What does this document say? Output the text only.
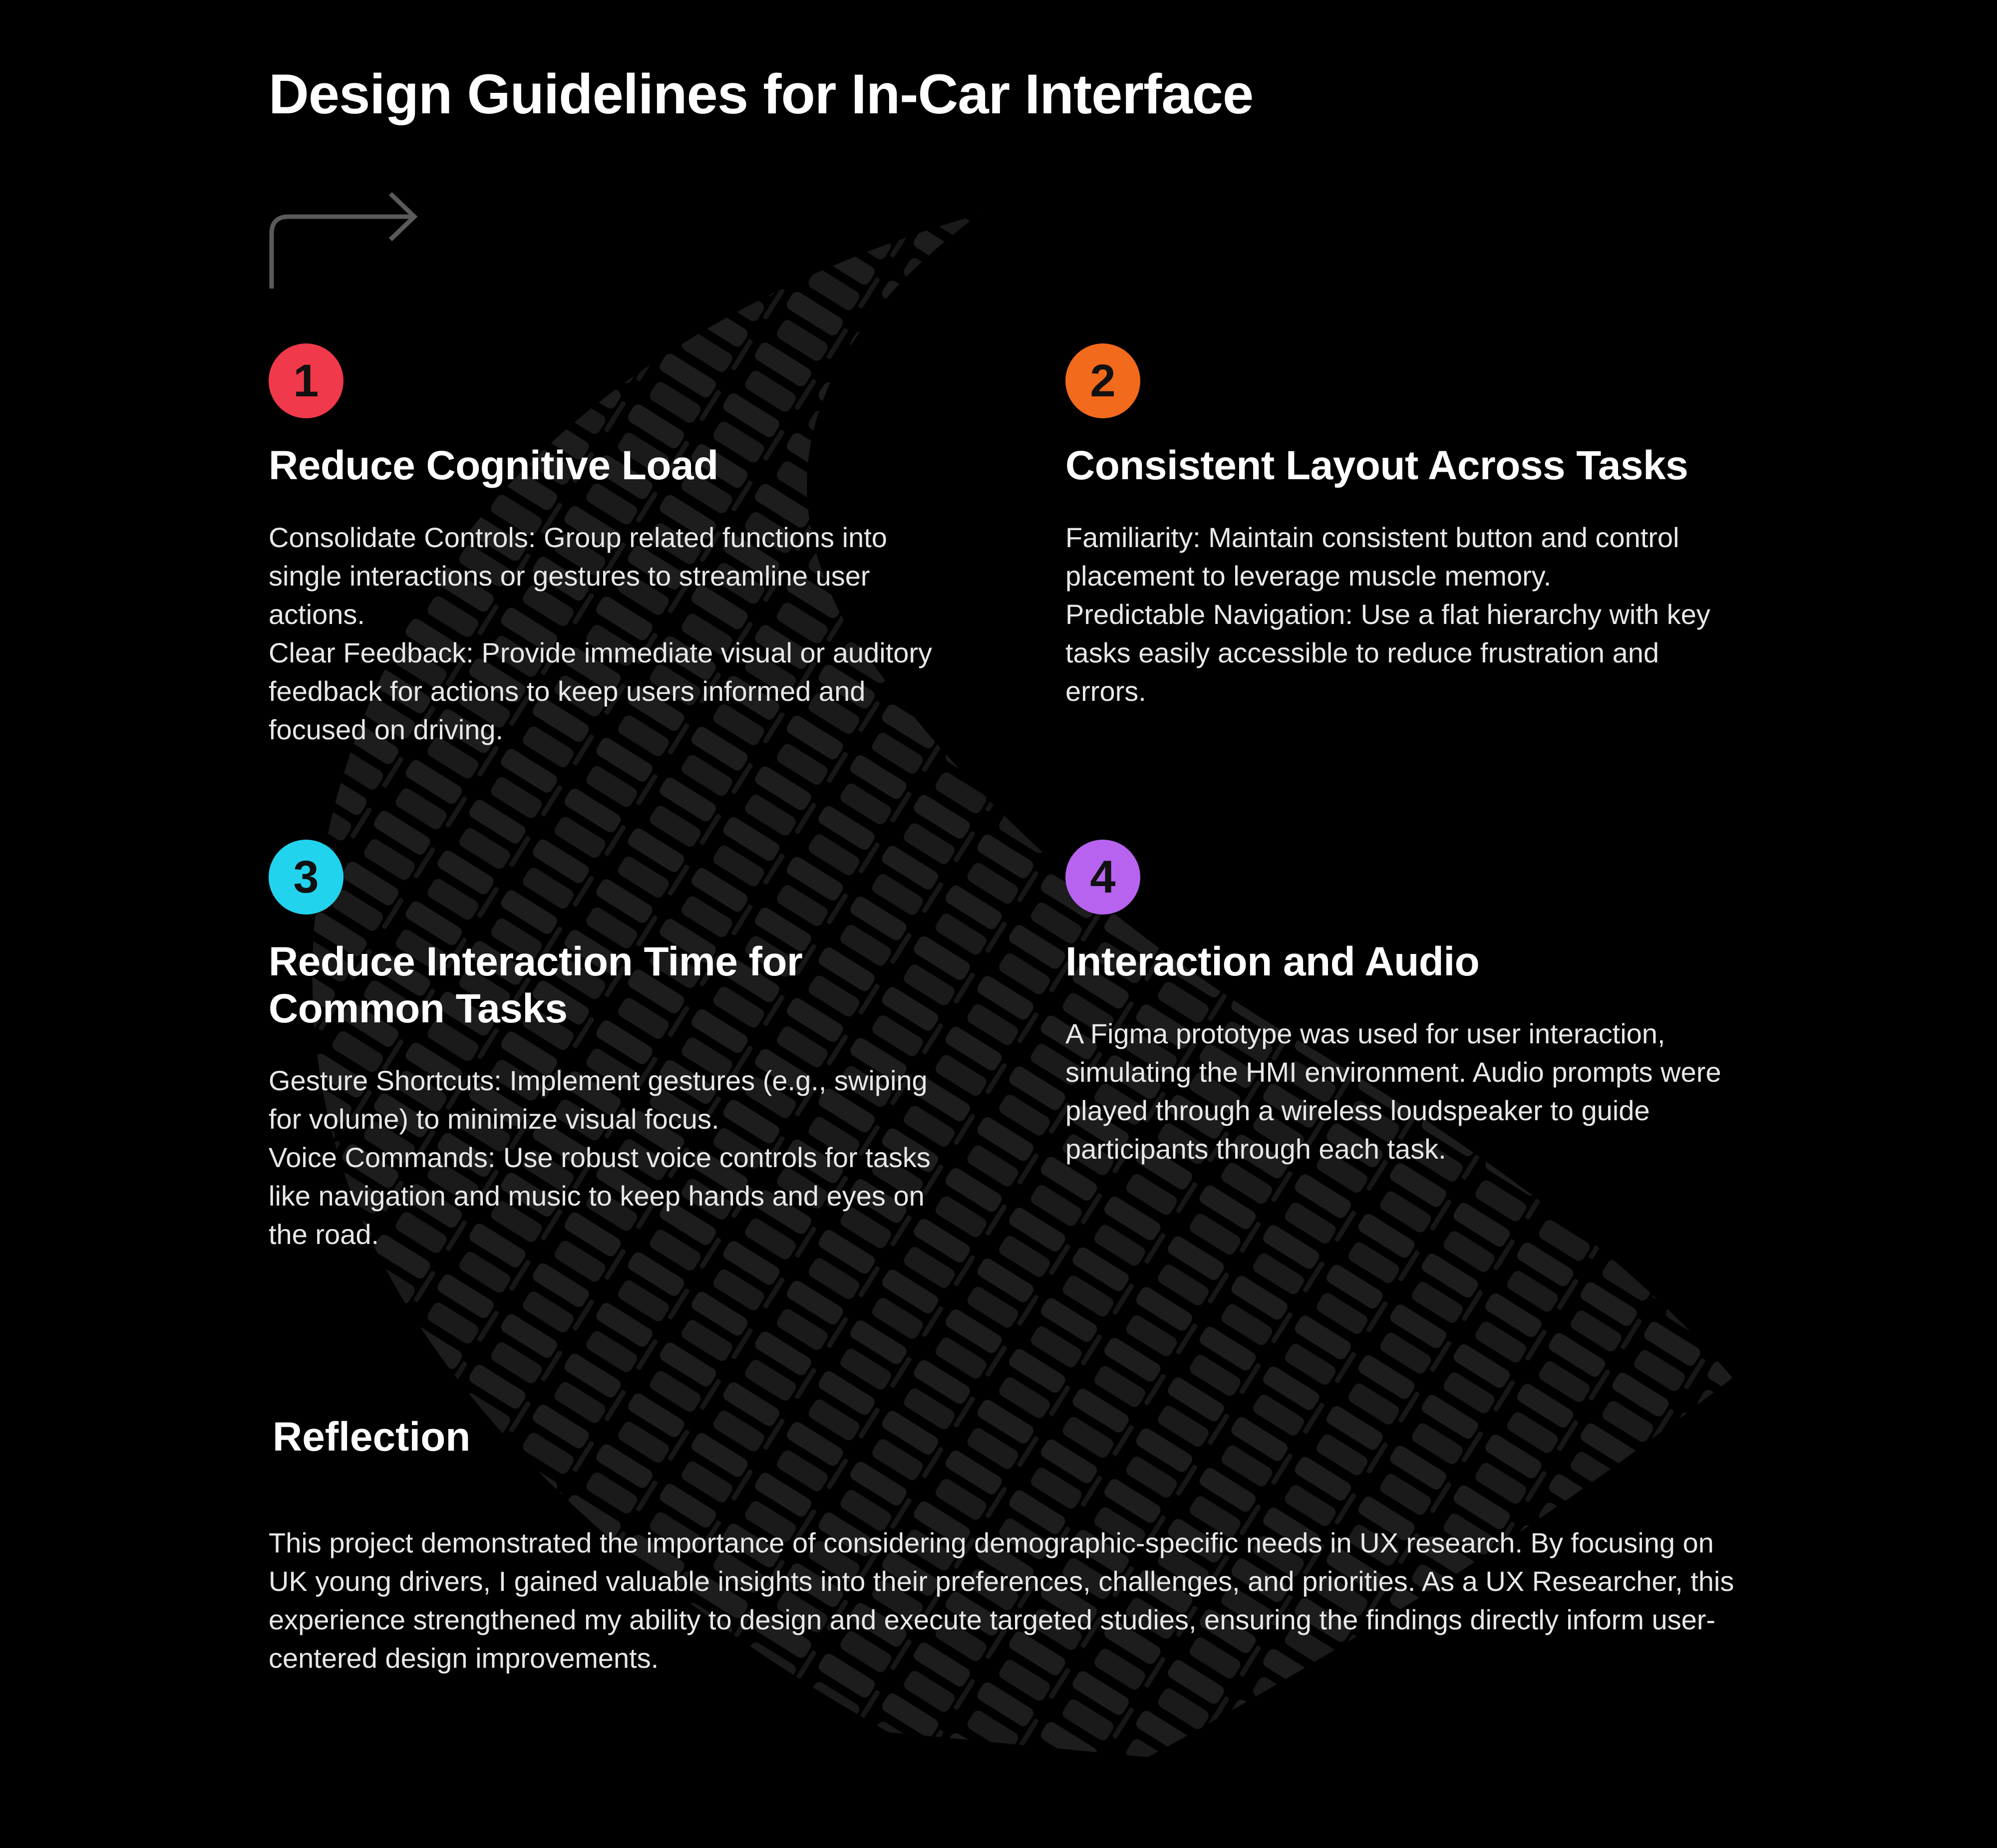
Design Guidelines for In-Car Interface
1
Reduce Cognitive Load

Consolidate Controls: Group related functions into single interactions or gestures to streamline user actions.

Clear Feedback: Provide immediate visual or auditory feedback for actions to keep users informed and focused on driving.

2
Consistent Layout Across Tasks

Familiarity: Maintain consistent button and control placement to leverage muscle memory.

Predictable Navigation: Use a flat hierarchy with key tasks easily accessible to reduce frustration and errors.

3
Reduce Interaction Time for Common Tasks

Gesture Shortcuts: Implement gestures (e.g., swiping for volume) to minimize visual focus.

Voice Commands: Use robust voice controls for tasks like navigation and music to keep hands and eyes on the road.

4
Interaction and Audio

A Figma prototype was used for user interaction, simulating the HMI environment. Audio prompts were played through a wireless loudspeaker to guide participants through each task.

Reflection

This project demonstrated the importance of considering demographic-specific needs in UX research. By focusing on UK young drivers, I gained valuable insights into their preferences, challenges, and priorities. As a UX Researcher, this experience strengthened my ability to design and execute targeted studies, ensuring the findings directly inform user-centered design improvements.
